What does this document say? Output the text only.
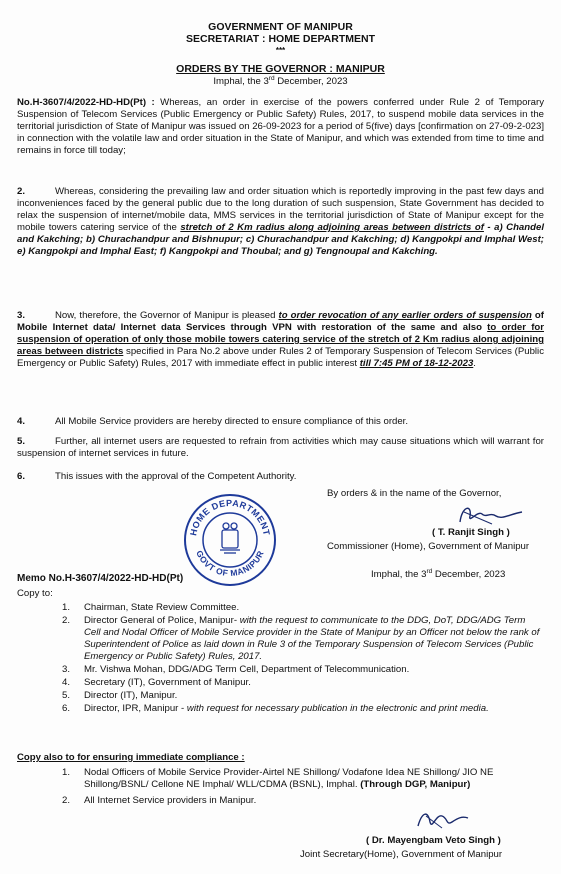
GOVERNMENT OF MANIPUR
SECRETARIAT : HOME DEPARTMENT
***
ORDERS BY THE GOVERNOR : MANIPUR
Imphal, the 3rd December, 2023

No.H-3607/4/2022-HD-HD(Pt) : Whereas, an order in exercise of the powers conferred under Rule 2 of Temporary Suspension of Telecom Services (Public Emergency or Public Safety) Rules, 2017, to suspend mobile data services in the territorial jurisdiction of State of Manipur was issued on 26-09-2023 for a period of 5(five) days [confirmation on 27-09-2-023] in connection with the volatile law and order situation in the State of Manipur, and which was extended from time to time and remains in force till today;

2.	Whereas, considering the prevailing law and order situation which is reportedly improving in the past few days and inconveniences faced by the general public due to the long duration of such suspension, State Government has decided to relax the suspension of internet/mobile data, MMS services in the territorial jurisdiction of State of Manipur except for the mobile towers catering service of the stretch of 2 Km radius along adjoining areas between districts of - a) Chandel and Kakching; b) Churachandpur and Bishnupur; c) Churachandpur and Kakching; d) Kangpokpi and Imphal West; e) Kangpokpi and Imphal East; f) Kangpokpi and Thoubal; and g) Tengnoupal and Kakching.

3.	Now, therefore, the Governor of Manipur is pleased to order revocation of any earlier orders of suspension of Mobile Internet data/ Internet data Services through VPN with restoration of the same and also to order for suspension of operation of only those mobile towers catering service of the stretch of 2 Km radius along adjoining areas between districts specified in Para No.2 above under Rules 2 of Temporary Suspension of Telecom Services (Public Emergency or Public Safety) Rules, 2017 with immediate effect in public interest till 7:45 PM of 18-12-2023.

4.	All Mobile Service providers are hereby directed to ensure compliance of this order.

5.	Further, all internet users are requested to refrain from activities which may cause situations which will warrant for suspension of internet services in future.

6.	This issues with the approval of the Competent Authority.

By orders & in the name of the Governor,
( T. Ranjit Singh )
Commissioner (Home), Government of Manipur
HOME DEPARTMENT
GOVT OF MANIPUR
Memo No.H-3607/4/2022-HD-HD(Pt)	Imphal, the 3rd December, 2023
Copy to:
1. Chairman, State Review Committee.
2. Director General of Police, Manipur- with the request to communicate to the DDG, DoT, DDG/ADG Term Cell and Nodal Officer of Mobile Service provider in the State of Manipur by an Officer not below the rank of Superintendent of Police as laid down in Rule 3 of the Temporary Suspension of Telecom Services (Public Emergency or Public Safety) Rules, 2017.
3. Mr. Vishwa Mohan, DDG/ADG Term Cell, Department of Telecommunication.
4. Secretary (IT), Government of Manipur.
5. Director (IT), Manipur.
6. Director, IPR, Manipur - with request for necessary publication in the electronic and print media.
Copy also to for ensuring immediate compliance :
1. Nodal Officers of Mobile Service Provider-Airtel NE Shillong/ Vodafone Idea NE Shillong/ JIO NE Shillong/BSNL/ Cellone NE Imphal/ WLL/CDMA (BSNL), Imphal. (Through DGP, Manipur)
2. All Internet Service providers in Manipur.
( Dr. Mayengbam Veto Singh )
Joint Secretary(Home), Government of Manipur
